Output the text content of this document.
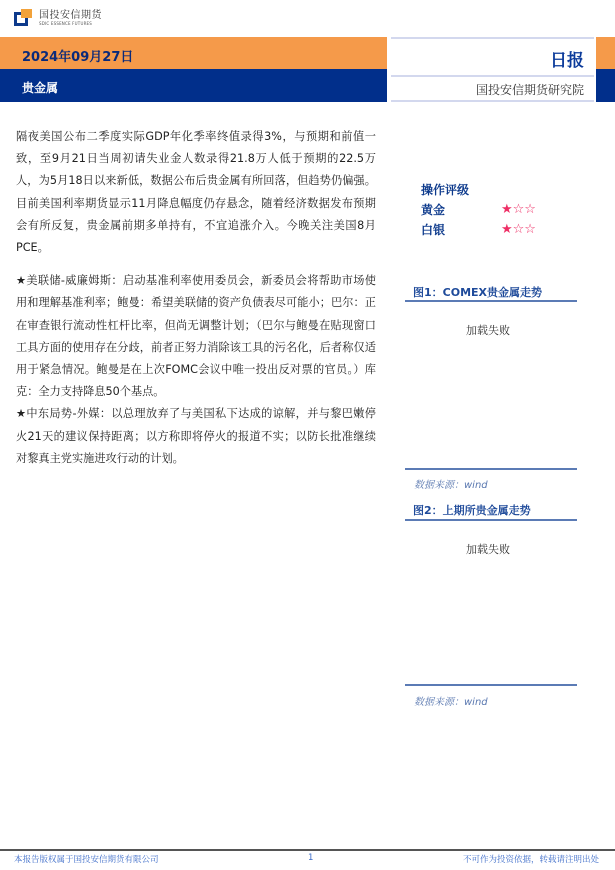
国投安信期货
SDIC ESSENCE FUTURES
2024年09月27日
贵金属
日报
国投安信期货研究院

隔夜美国公布二季度实际GDP年化季率终值录得3%，与预期和前值一致，至9月21日当周初请失业金人数录得21.8万人低于预期的22.5万人，为5月18日以来新低，数据公布后贵金属有所回落，但趋势仍偏强。目前美国利率期货显示11月降息幅度仍存悬念，随着经济数据发布预期会有所反复，贵金属前期多单持有，不宜追涨介入。今晚关注美国8月PCE。

★美联储-威廉姆斯：启动基准利率使用委员会，新委员会将帮助市场使用和理解基准利率；鲍曼：希望美联储的资产负债表尽可能小；巴尔：正在审查银行流动性杠杆比率，但尚无调整计划；（巴尔与鲍曼在贴现窗口工具方面的使用存在分歧，前者正努力消除该工具的污名化，后者称仅适用于紧急情况。鲍曼是在上次FOMC会议中唯一投出反对票的官员。）库克：全力支持降息50个基点。

★中东局势-外媒：以总理放弃了与美国私下达成的谅解，并与黎巴嫩停火21天的建议保持距离；以方称即将停火的报道不实；以防长批准继续对黎真主党实施进攻行动的计划。

操作评级
黄金	★☆☆
白银	★☆☆
图1：COMEX贵金属走势
加载失败
数据来源：wind
图2：上期所贵金属走势
加载失败
数据来源：wind
本报告版权属于国投安信期货有限公司	1	不可作为投资依据，转载请注明出处
